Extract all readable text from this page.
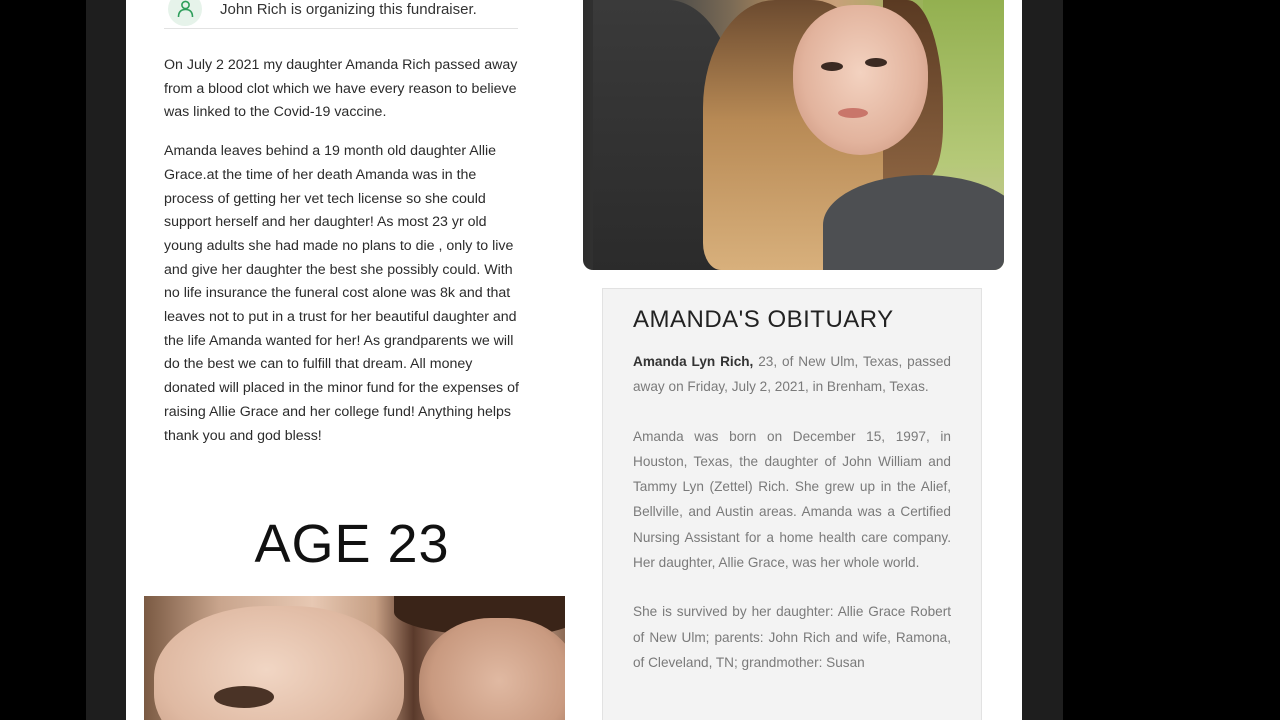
John Rich is organizing this fundraiser.

On July 2 2021 my daughter Amanda Rich passed away from a blood clot which we have every reason to believe was linked to the Covid-19 vaccine.

Amanda leaves behind a 19 month old daughter Allie Grace.at the time of her death Amanda was in the process of getting her vet tech license so she could support herself and her daughter! As most 23 yr old young adults she had made no plans to die , only to live and give her daughter the best she possibly could. With no life insurance the funeral cost alone was 8k and that leaves not to put in a trust for her beautiful daughter and the life Amanda wanted for her! As grandparents we will do the best we can to fulfill that dream. All money donated will placed in the minor fund for the expenses of raising Allie Grace and her college fund! Anything helps thank you and god bless!

AGE 23
AMANDA'S OBITUARY

Amanda Lyn Rich, 23, of New Ulm, Texas, passed away on Friday, July 2, 2021, in Brenham, Texas.

Amanda was born on December 15, 1997, in Houston, Texas, the daughter of John William and Tammy Lyn (Zettel) Rich. She grew up in the Alief, Bellville, and Austin areas. Amanda was a Certified Nursing Assistant for a home health care company. Her daughter, Allie Grace, was her whole world.

She is survived by her daughter: Allie Grace Robert of New Ulm; parents: John Rich and wife, Ramona, of Cleveland, TN; grandmother: Susan
